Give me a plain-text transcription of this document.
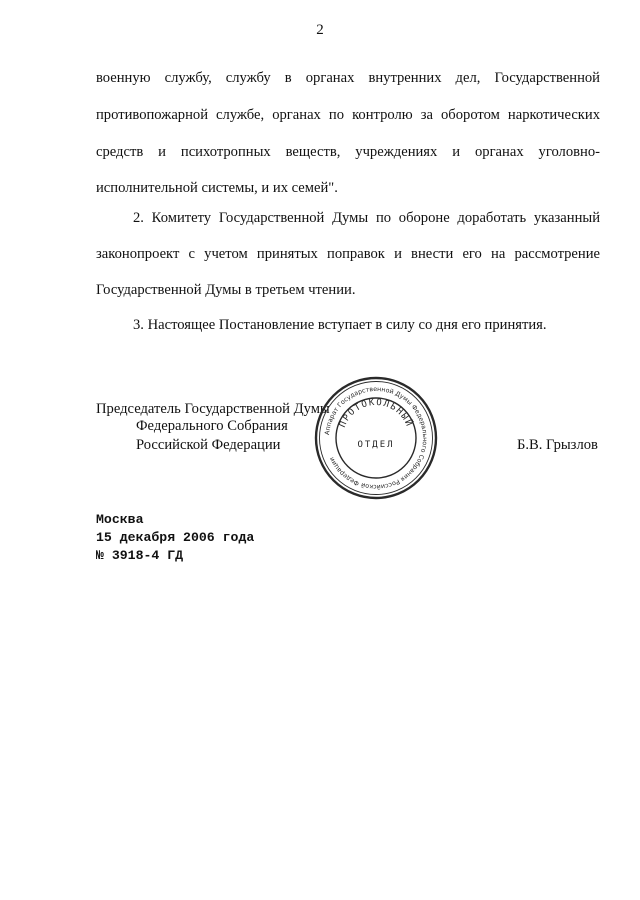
2
военную службу, службу в органах внутренних дел, Государственной
противопожарной службе, органах по контролю за оборотом наркотических
средств и психотропных веществ, учреждениях и органах уголовно-
исполнительной системы, и их семей".
2. Комитету Государственной Думы по обороне доработать указанный
законопроект с учетом принятых поправок и внести его на рассмотрение
Государственной Думы в третьем чтении.
3. Настоящее Постановление вступает в силу со дня его принятия.
Председатель Государственной Думы
Федерального Собрания
Российской Федерации	Б.В. Грызлов
Аппарат Государственной Думы Федерального Собрания Российской Федерации
ПРОТОКОЛЬНЫЙ
ОТДЕЛ
Москва
15 декабря 2006 года
№ 3918-4 ГД
